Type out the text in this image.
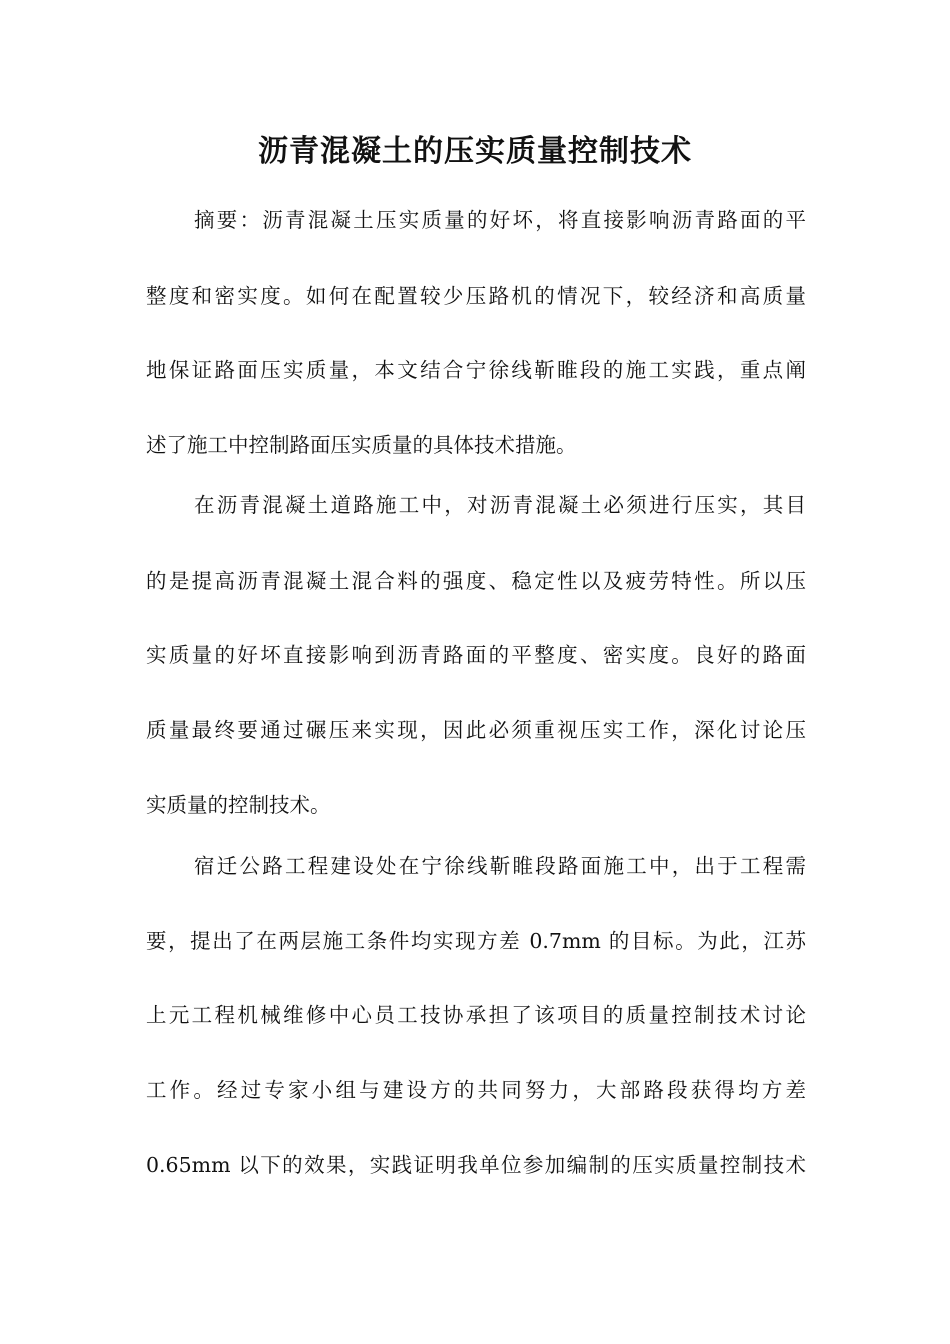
沥青混凝土的压实质量控制技术
摘要：沥青混凝土压实质量的好坏，将直接影响沥青路面的平
整度和密实度。如何在配置较少压路机的情况下，较经济和高质量
地保证路面压实质量，本文结合宁徐线靳睢段的施工实践，重点阐
述了施工中控制路面压实质量的具体技术措施。
在沥青混凝土道路施工中，对沥青混凝土必须进行压实，其目
的是提高沥青混凝土混合料的强度、稳定性以及疲劳特性。所以压
实质量的好坏直接影响到沥青路面的平整度、密实度。良好的路面
质量最终要通过碾压来实现，因此必须重视压实工作，深化讨论压
实质量的控制技术。
宿迁公路工程建设处在宁徐线靳睢段路面施工中，出于工程需
要，提出了在两层施工条件均实现方差 0.7mm 的目标。为此，江苏
上元工程机械维修中心员工技协承担了该项目的质量控制技术讨论
工作。经过专家小组与建设方的共同努力，大部路段获得均方差
0.65mm 以下的效果，实践证明我单位参加编制的压实质量控制技术
